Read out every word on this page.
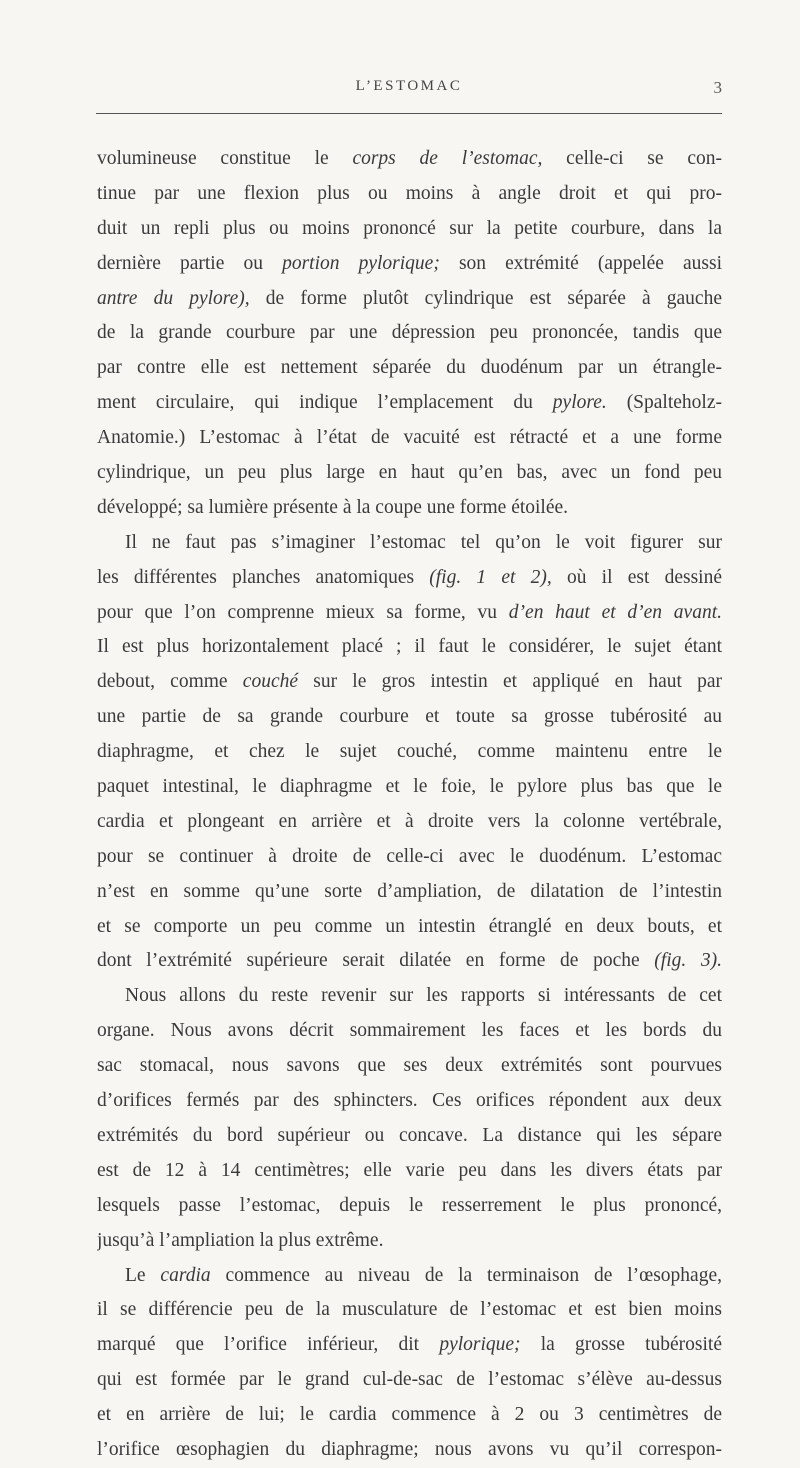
L’ESTOMAC	3
volumineuse constitue le corps de l’estomac, celle-ci se con-
tinue par une flexion plus ou moins à angle droit et qui pro-
duit un repli plus ou moins prononcé sur la petite courbure, dans la
dernière partie ou portion pylorique; son extrémité (appelée aussi
antre du pylore), de forme plutôt cylindrique est séparée à gauche
de la grande courbure par une dépression peu prononcée, tandis que
par contre elle est nettement séparée du duodénum par un étrangle-
ment circulaire, qui indique l’emplacement du pylore. (Spalteholz-
Anatomie.) L’estomac à l’état de vacuité est rétracté et a une forme
cylindrique, un peu plus large en haut qu’en bas, avec un fond peu
développé; sa lumière présente à la coupe une forme étoilée.
Il ne faut pas s’imaginer l’estomac tel qu’on le voit figurer sur
les différentes planches anatomiques (fig. 1 et 2), où il est dessiné
pour que l’on comprenne mieux sa forme, vu d’en haut et d’en avant.
Il est plus horizontalement placé ; il faut le considérer, le sujet étant
debout, comme couché sur le gros intestin et appliqué en haut par
une partie de sa grande courbure et toute sa grosse tubérosité au
diaphragme, et chez le sujet couché, comme maintenu entre le
paquet intestinal, le diaphragme et le foie, le pylore plus bas que le
cardia et plongeant en arrière et à droite vers la colonne vertébrale,
pour se continuer à droite de celle-ci avec le duodénum. L’estomac
n’est en somme qu’une sorte d’ampliation, de dilatation de l’intestin
et se comporte un peu comme un intestin étranglé en deux bouts, et
dont l’extrémité supérieure serait dilatée en forme de poche (fig. 3).
Nous allons du reste revenir sur les rapports si intéressants de cet
organe. Nous avons décrit sommairement les faces et les bords du
sac stomacal, nous savons que ses deux extrémités sont pourvues
d’orifices fermés par des sphincters. Ces orifices répondent aux deux
extrémités du bord supérieur ou concave. La distance qui les sépare
est de 12 à 14 centimètres; elle varie peu dans les divers états par
lesquels passe l’estomac, depuis le resserrement le plus prononcé,
jusqu’à l’ampliation la plus extrême.
Le cardia commence au niveau de la terminaison de l’œsophage,
il se différencie peu de la musculature de l’estomac et est bien moins
marqué que l’orifice inférieur, dit pylorique; la grosse tubérosité
qui est formée par le grand cul-de-sac de l’estomac s’élève au-dessus
et en arrière de lui; le cardia commence à 2 ou 3 centimètres de
l’orifice œsophagien du diaphragme; nous avons vu qu’il correspon-
